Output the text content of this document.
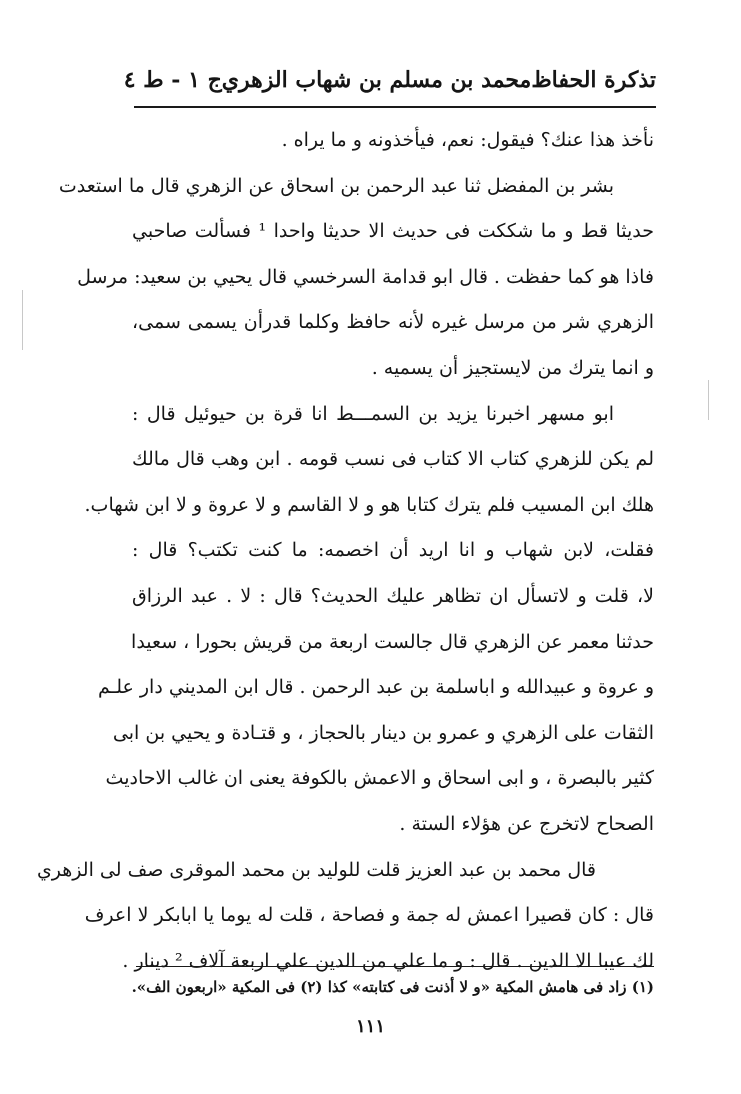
تذكرة الحفاظ
محمد بن مسلم بن شهاب الزهري
ج ١ - ط ٤
نأخذ هذا عنك؟ فيقول: نعم، فيأخذونه و ما يراه .
بشر بن المفضل ثنا عبد الرحمن بن اسحاق عن الزهري قال ما استعدت
حديثا قط و ما شككت فى حديث الا حديثا واحدا ¹ فسألت صاحبي
فاذا هو كما حفظت . قال ابو قدامة السرخسي قال يحيي بن سعيد: مرسل
الزهري شر من مرسل غيره لأنه حافظ وكلما قدرأن يسمى سمى،
و انما يترك من لايستجيز أن يسميه .
ابو مسهر اخبرنا يزيد بن السمـــط انا قرة بن حيوئيل قال :
لم يكن للزهري كتاب الا كتاب فى نسب قومه . ابن وهب قال مالك
هلك ابن المسيب فلم يترك كتابا هو و لا القاسم و لا عروة و لا ابن شهاب.
فقلت، لابن شهاب و انا اريد أن اخصمه: ما كنت تكتب؟ قال :
لا، قلت و لاتسأل ان تظاهر عليك الحديث؟ قال : لا . عبد الرزاق
حدثنا معمر عن الزهري قال جالست اربعة من قريش بحورا ، سعيدا
و عروة و عبيدالله و اباسلمة بن عبد الرحمن . قال ابن المديني دار علـم
الثقات على الزهري و عمرو بن دينار بالحجاز ، و قتـادة و يحيي بن ابى
كثير بالبصرة ، و ابى اسحاق و الاعمش بالكوفة يعنى ان غالب الاحاديث
الصحاح لاتخرج عن هؤلاء الستة .
قال محمد بن عبد العزيز قلت للوليد بن محمد الموقرى صف لى الزهري
قال : كان قصيرا اعمش له جمة و فصاحة ، قلت له يوما يا ابابكر لا اعرف
لك عيبا الا الدين . قال : و ما علي من الدين علي اربعة آلاف ² دينار .
(١) زاد فى هامش المكية «و لا أذنت فى كتابته» كذا (٢) فى المكية «اربعون الف».
١١١
